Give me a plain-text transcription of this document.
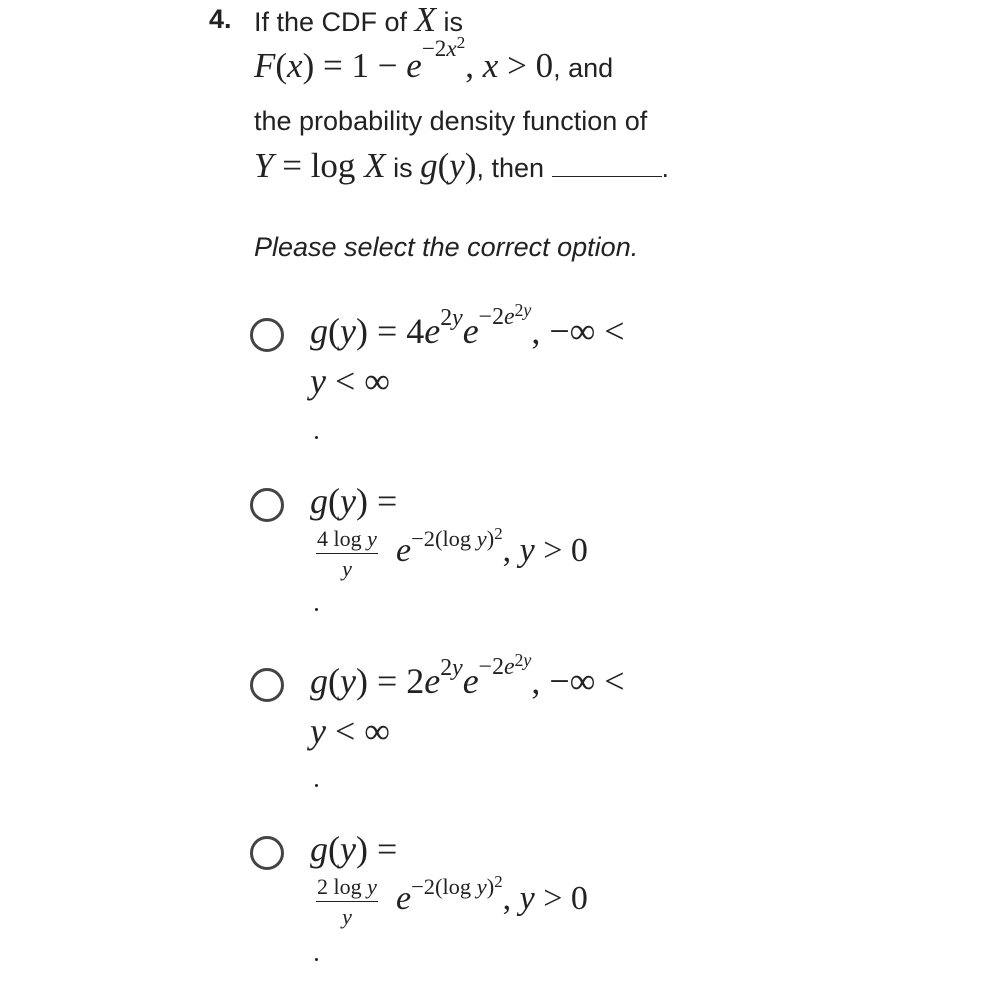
4. If the CDF of X is
$F(x) = 1 - e^{-2x^2}$, x > 0, and
the probability density function of
Y = log X is g(y), then	.
Please select the correct option.
$g(y) = 4e^{2y}e^{-2e^{2y}}$, −∞ <
y < ∞
g(y) =
$\frac{\text{4 log y}}{y} e^{-2(log y)^2}$, y > 0
$g(y) = 2e^{2y}e^{-2e^{2y}}$, −∞ <
y < ∞
g(y) =
$\frac{\text{2 log y}}{y} e^{-2(log y)^2}$, y > 0
